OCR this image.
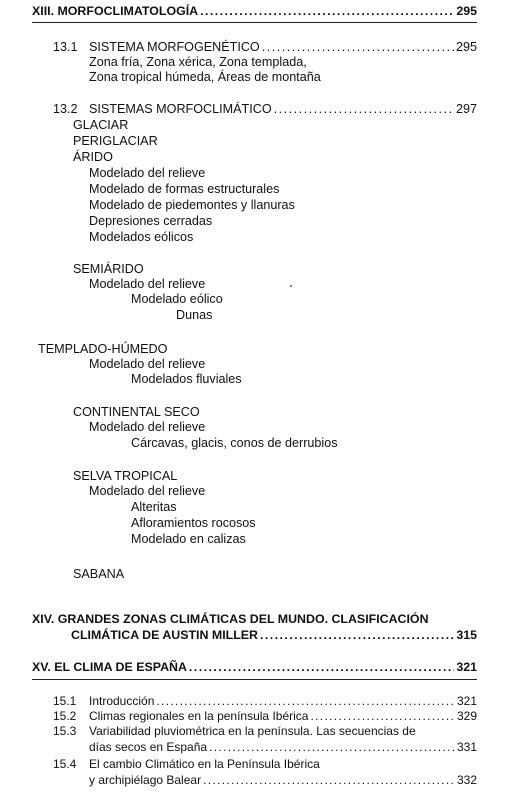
XIII. MORFOCLIMATOLOGÍA . . .	295
13.1 SISTEMA MORFOGENÉTICO . . .	295
Zona fría, Zona xérica, Zona templada,
Zona tropical húmeda, Áreas de montaña
13.2 SISTEMAS MORFOCLIMÁTICO . . .	297
GLACIAR
PERIGLACIAR
ÁRIDO
Modelado del relieve
Modelado de formas estructurales
Modelado de piedemontes y llanuras
Depresiones cerradas
Modelados eólicos
SEMIÁRIDO
Modelado del relieve
Modelado eólico
Dunas
TEMPLADO-HÚMEDO
Modelado del relieve
Modelados fluviales
CONTINENTAL SECO
Modelado del relieve
Cárcavas, glacis, conos de derrubios
SELVA TROPICAL
Modelado del relieve
Alteritas
Afloramientos rocosos
Modelado en calizas
SABANA
XIV. GRANDES ZONAS CLIMÁTICAS DEL MUNDO. CLASIFICACIÓN
CLIMÁTICA DE AUSTIN MILLER . . .	315
XV. EL CLIMA DE ESPAÑA . . .	321
15.1 Introducción . . .	321
15.2 Climas regionales en la península Ibérica . . .	329
15.3 Variabilidad pluviométrica en la península. Las secuencias de
días secos en España . . .	331
15.4 El cambio Climático en la Península Ibérica
y archipiélago Balear . . .	332
